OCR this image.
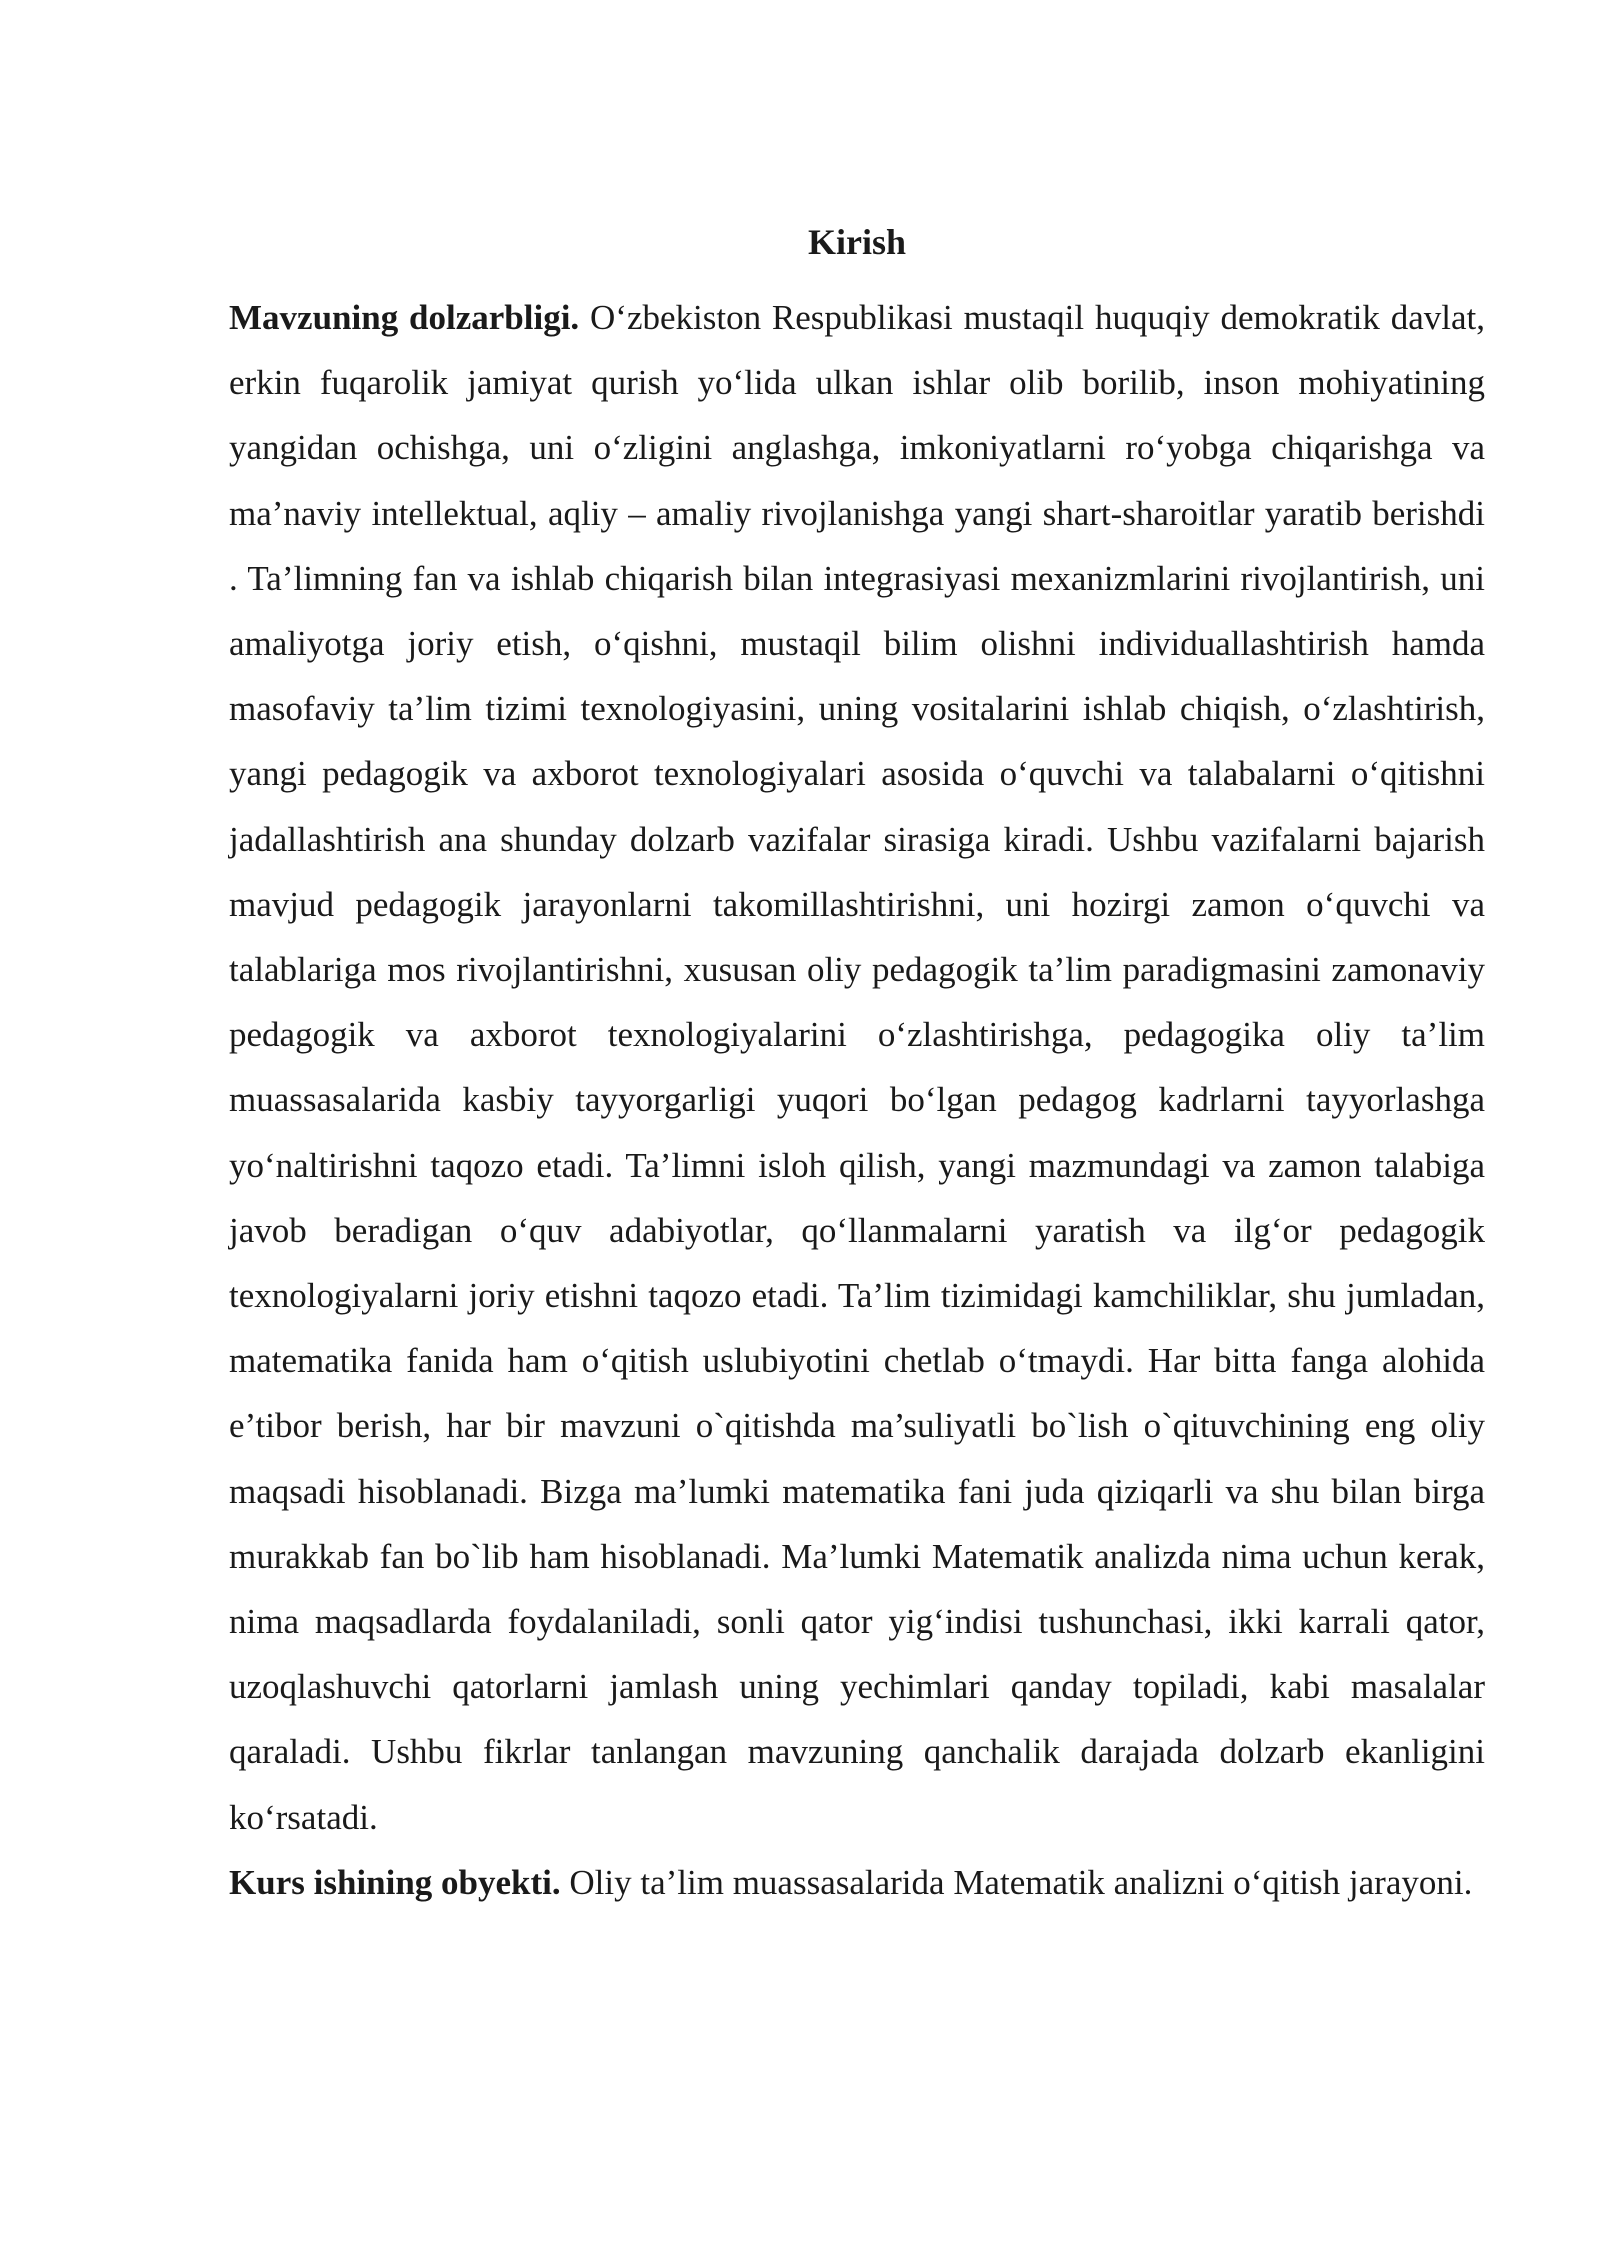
Kirish

Mavzuning dolzarbligi. O‘zbekiston Respublikasi mustaqil huquqiy demokratik davlat, erkin fuqarolik jamiyat qurish yo‘lida ulkan ishlar olib borilib, inson mohiyatining yangidan ochishga, uni o‘zligini anglashga, imkoniyatlarni ro‘yobga chiqarishga va ma’naviy intellektual, aqliy – amaliy rivojlanishga yangi shart-sharoitlar yaratib berishdi . Ta’limning fan va ishlab chiqarish bilan integrasiyasi mexanizmlarini rivojlantirish, uni amaliyotga joriy etish, o‘qishni, mustaqil bilim olishni individuallashtirish hamda masofaviy ta’lim tizimi texnologiyasini, uning vositalarini ishlab chiqish, o‘zlashtirish, yangi pedagogik va axborot texnologiyalari asosida o‘quvchi va talabalarni o‘qitishni jadallashtirish ana shunday dolzarb vazifalar sirasiga kiradi. Ushbu vazifalarni bajarish mavjud pedagogik jarayonlarni takomillashtirishni, uni hozirgi zamon o‘quvchi va talablariga mos rivojlantirishni, xususan oliy pedagogik ta’lim paradigmasini zamonaviy pedagogik va axborot texnologiyalarini o‘zlashtirishga, pedagogika oliy ta’lim muassasalarida kasbiy tayyorgarligi yuqori bo‘lgan pedagog kadrlarni tayyorlashga yo‘naltirishni taqozo etadi. Ta’limni isloh qilish, yangi mazmundagi va zamon talabiga javob beradigan o‘quv adabiyotlar, qo‘llanmalarni yaratish va ilg‘or pedagogik texnologiyalarni joriy etishni taqozo etadi. Ta’lim tizimidagi kamchiliklar, shu jumladan, matematika fanida ham o‘qitish uslubiyotini chetlab o‘tmaydi. Har bitta fanga alohida e’tibor berish, har bir mavzuni o`qitishda ma’suliyatli bo`lish o`qituvchining eng oliy maqsadi hisoblanadi. Bizga ma’lumki matematika fani juda qiziqarli va shu bilan birga murakkab fan bo`lib ham hisoblanadi. Ma’lumki Matematik analizda nima uchun kerak, nima maqsadlarda foydalaniladi, sonli qator yig‘indisi tushunchasi, ikki karrali qator, uzoqlashuvchi qatorlarni jamlash uning yechimlari qanday topiladi, kabi masalalar qaraladi. Ushbu fikrlar tanlangan mavzuning qanchalik darajada dolzarb ekanligini ko‘rsatadi.

Kurs ishining obyekti. Oliy ta’lim muassasalarida Matematik analizni o‘qitish jarayoni.
